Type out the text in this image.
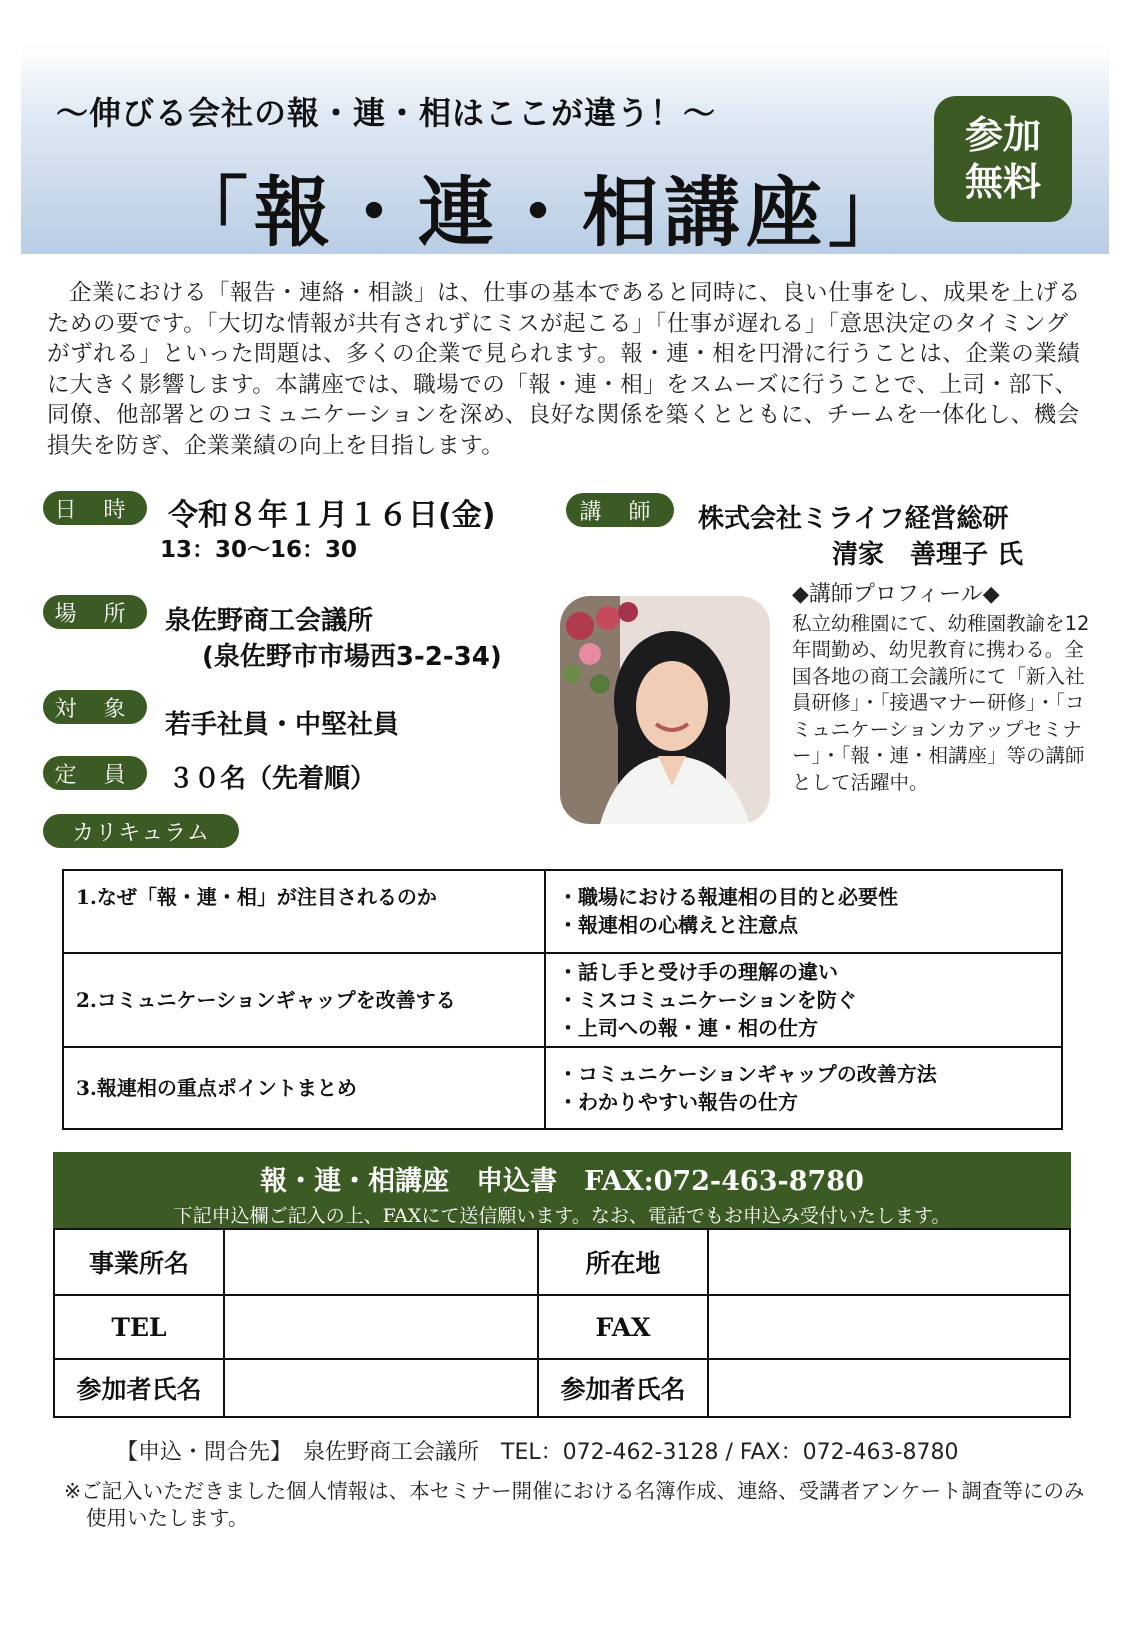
〜伸びる会社の報・連・相はここが違う！〜
「報・連・相講座」
参加
無料
企業における「報告・連絡・相談」は、仕事の基本であると同時に、良い仕事をし、成果を上げるための要です。「大切な情報が共有されずにミスが起こる」「仕事が遅れる」「意思決定のタイミングがずれる」といった問題は、多くの企業で見られます。報・連・相を円滑に行うことは、企業の業績に大きく影響します。本講座では、職場での「報・連・相」をスムーズに行うことで、上司・部下、同僚、他部署とのコミュニケーションを深め、良好な関係を築くとともに、チームを一体化し、機会損失を防ぎ、企業業績の向上を目指します。
日 時	令和８年１月１６日(金)
13：30〜16：30
場 所	泉佐野商工会議所
(泉佐野市市場西3-2-34)
対 象
若手社員・中堅社員
定 員	３０名（先着順）
カリキュラム
講 師	株式会社ミライフ経営総研
清家　善理子 氏
◆講師プロフィール◆
私立幼稚園にて、幼稚園教諭を12年間勤め、幼児教育に携わる。全国各地の商工会議所にて「新入社員研修」・「接遇マナー研修」・「コミュニケーションカアップセミナー」・「報・連・相講座」等の講師として活躍中。
1.なぜ「報・連・相」が注目されるのか	・職場における報連相の目的と必要性
・報連相の心構えと注意点

2.コミュニケーションギャップを改善する	・話し手と受け手の理解の違い
・ミスコミュニケーションを防ぐ
・上司への報・連・相の仕方

3.報連相の重点ポイントまとめ	・コミュニケーションギャップの改善方法
・わかりやすい報告の仕方
報・連・相講座　申込書　FAX:072-463-8780
下記申込欄ご記入の上、FAXにて送信願います。なお、電話でもお申込み受付いたします。
事業所名		所在地	
TEL		FAX	
参加者氏名		参加者氏名	
【申込・問合先】　泉佐野商工会議所　TEL：072-462-3128 / FAX：072-463-8780
※ご記入いただきました個人情報は、本セミナー開催における名簿作成、連絡、受講者アンケート調査等にのみ使用いたします。
